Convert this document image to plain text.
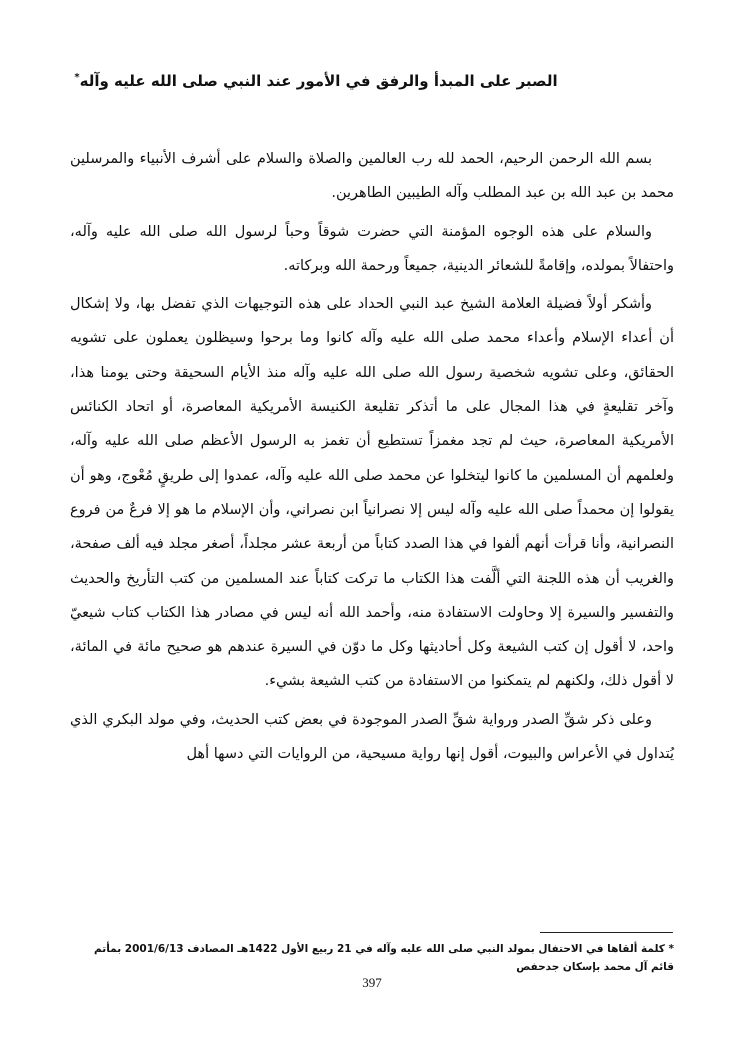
الصبر على المبدأ والرفق في الأمور عند النبي صلى الله عليه وآله*

بسم الله الرحمن الرحيم، الحمد لله رب العالمين والصلاة والسلام على أشرف الأنبياء والمرسلين محمد بن عبد الله بن عبد المطلب وآله الطيبين الطاهرين.

والسلام على هذه الوجوه المؤمنة التي حضرت شوقاً وحباً لرسول الله صلى الله عليه وآله، واحتفالاً بمولده، وإقامةً للشعائر الدينية، جميعاً ورحمة الله وبركاته.

وأشكر أولاً فضيلة العلامة الشيخ عبد النبي الحداد على هذه التوجيهات الذي تفضل بها، ولا إشكال أن أعداء الإسلام وأعداء محمد صلى الله عليه وآله كانوا وما برحوا وسيظلون يعملون على تشويه الحقائق، وعلى تشويه شخصية رسول الله صلى الله عليه وآله منذ الأيام السحيقة وحتى يومنا هذا، وآخر تقليعةٍ في هذا المجال على ما أتذكر تقليعة الكنيسة الأمريكية المعاصرة، أو اتحاد الكنائس الأمريكية المعاصرة، حيث لم تجد مغمزاً تستطيع أن تغمز به الرسول الأعظم صلى الله عليه وآله، ولعلمهم أن المسلمين ما كانوا ليتخلوا عن محمد صلى الله عليه وآله، عمدوا إلى طريقٍ مُعْوج، وهو أن يقولوا إن محمداً صلى الله عليه وآله ليس إلا نصرانياً ابن نصراني، وأن الإسلام ما هو إلا فرعٌ من فروع النصرانية، وأنا قرأت أنهم ألفوا في هذا الصدد كتاباً من أربعة عشر مجلداً، أصغر مجلد فيه ألف صفحة، والغريب أن هذه اللجنة التي ألَّفت هذا الكتاب ما تركت كتاباً عند المسلمين من كتب التأريخ والحديث والتفسير والسيرة إلا وحاولت الاستفادة منه، وأحمد الله أنه ليس في مصادر هذا الكتاب كتاب شيعيّ واحد، لا أقول إن كتب الشيعة وكل أحاديثها وكل ما دوّن في السيرة عندهم هو صحيح مائة في المائة، لا أقول ذلك، ولكنهم لم يتمكنوا من الاستفادة من كتب الشيعة بشيء.

وعلى ذكر شقِّ الصدر ورواية شقِّ الصدر الموجودة في بعض كتب الحديث، وفي مولد البكري الذي يُتداول في الأعراس والبيوت، أقول إنها رواية مسيحية، من الروايات التي دسها أهل

* كلمة ألقاها في الاحتفال بمولد النبي صلى الله عليه وآله في 21 ربيع الأول 1422هـ المصادف 2001/6/13 بمأتم قائم آل محمد بإسكان جدحفص
397
